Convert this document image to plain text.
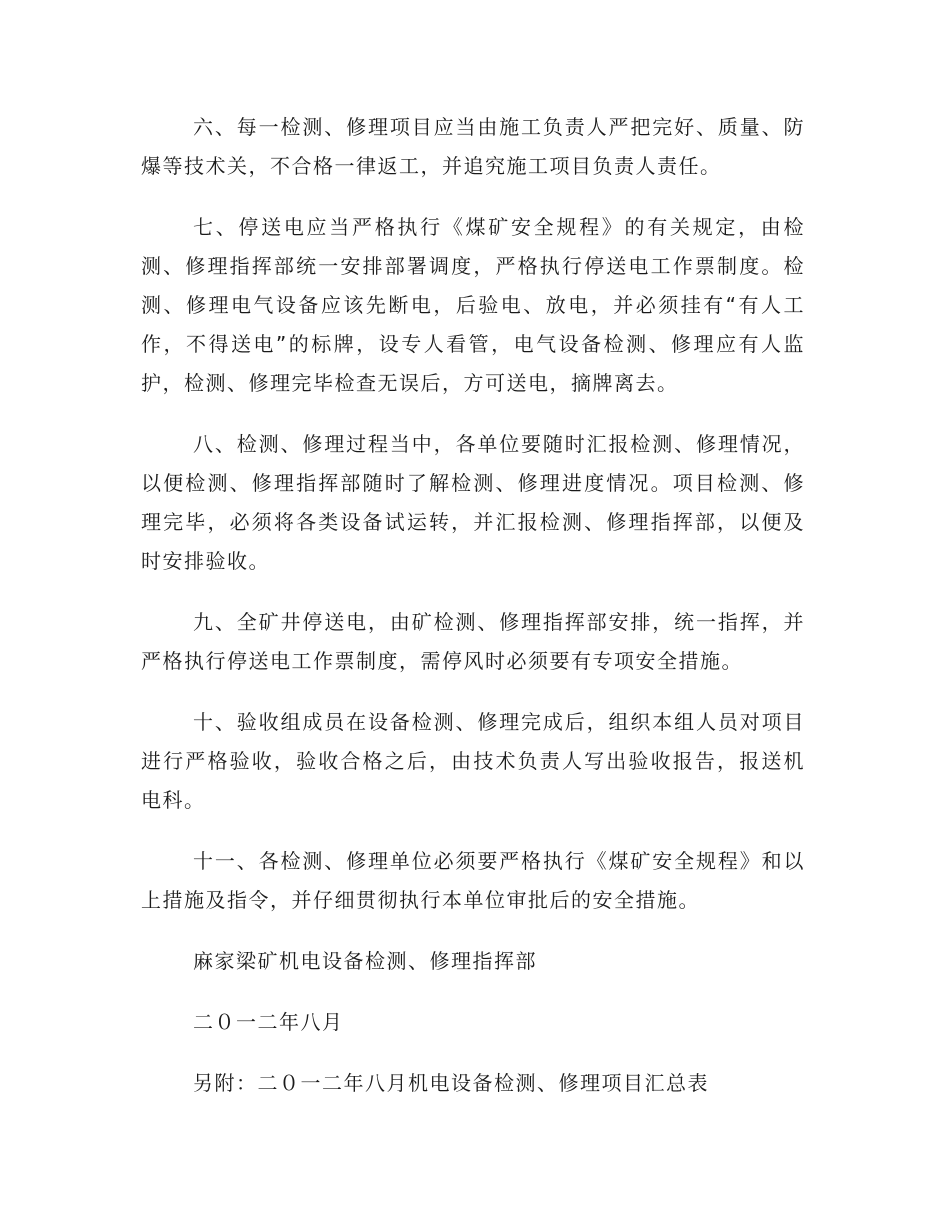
六、每一检测、修理项目应当由施工负责人严把完好、质量、防爆等技术关，不合格一律返工，并追究施工项目负责人责任。

七、停送电应当严格执行《煤矿安全规程》的有关规定，由检测、修理指挥部统一安排部署调度，严格执行停送电工作票制度。检测、修理电气设备应该先断电，后验电、放电，并必须挂有“有人工作，不得送电”的标牌，设专人看管，电气设备检测、修理应有人监护，检测、修理完毕检查无误后，方可送电，摘牌离去。

八、检测、修理过程当中，各单位要随时汇报检测、修理情况，以便检测、修理指挥部随时了解检测、修理进度情况。项目检测、修理完毕，必须将各类设备试运转，并汇报检测、修理指挥部，以便及时安排验收。

九、全矿井停送电，由矿检测、修理指挥部安排，统一指挥，并严格执行停送电工作票制度，需停风时必须要有专项安全措施。

十、验收组成员在设备检测、修理完成后，组织本组人员对项目进行严格验收，验收合格之后，由技术负责人写出验收报告，报送机电科。

十一、各检测、修理单位必须要严格执行《煤矿安全规程》和以上措施及指令，并仔细贯彻执行本单位审批后的安全措施。

麻家梁矿机电设备检测、修理指挥部

二０一二年八月

另附：二０一二年八月机电设备检测、修理项目汇总表
